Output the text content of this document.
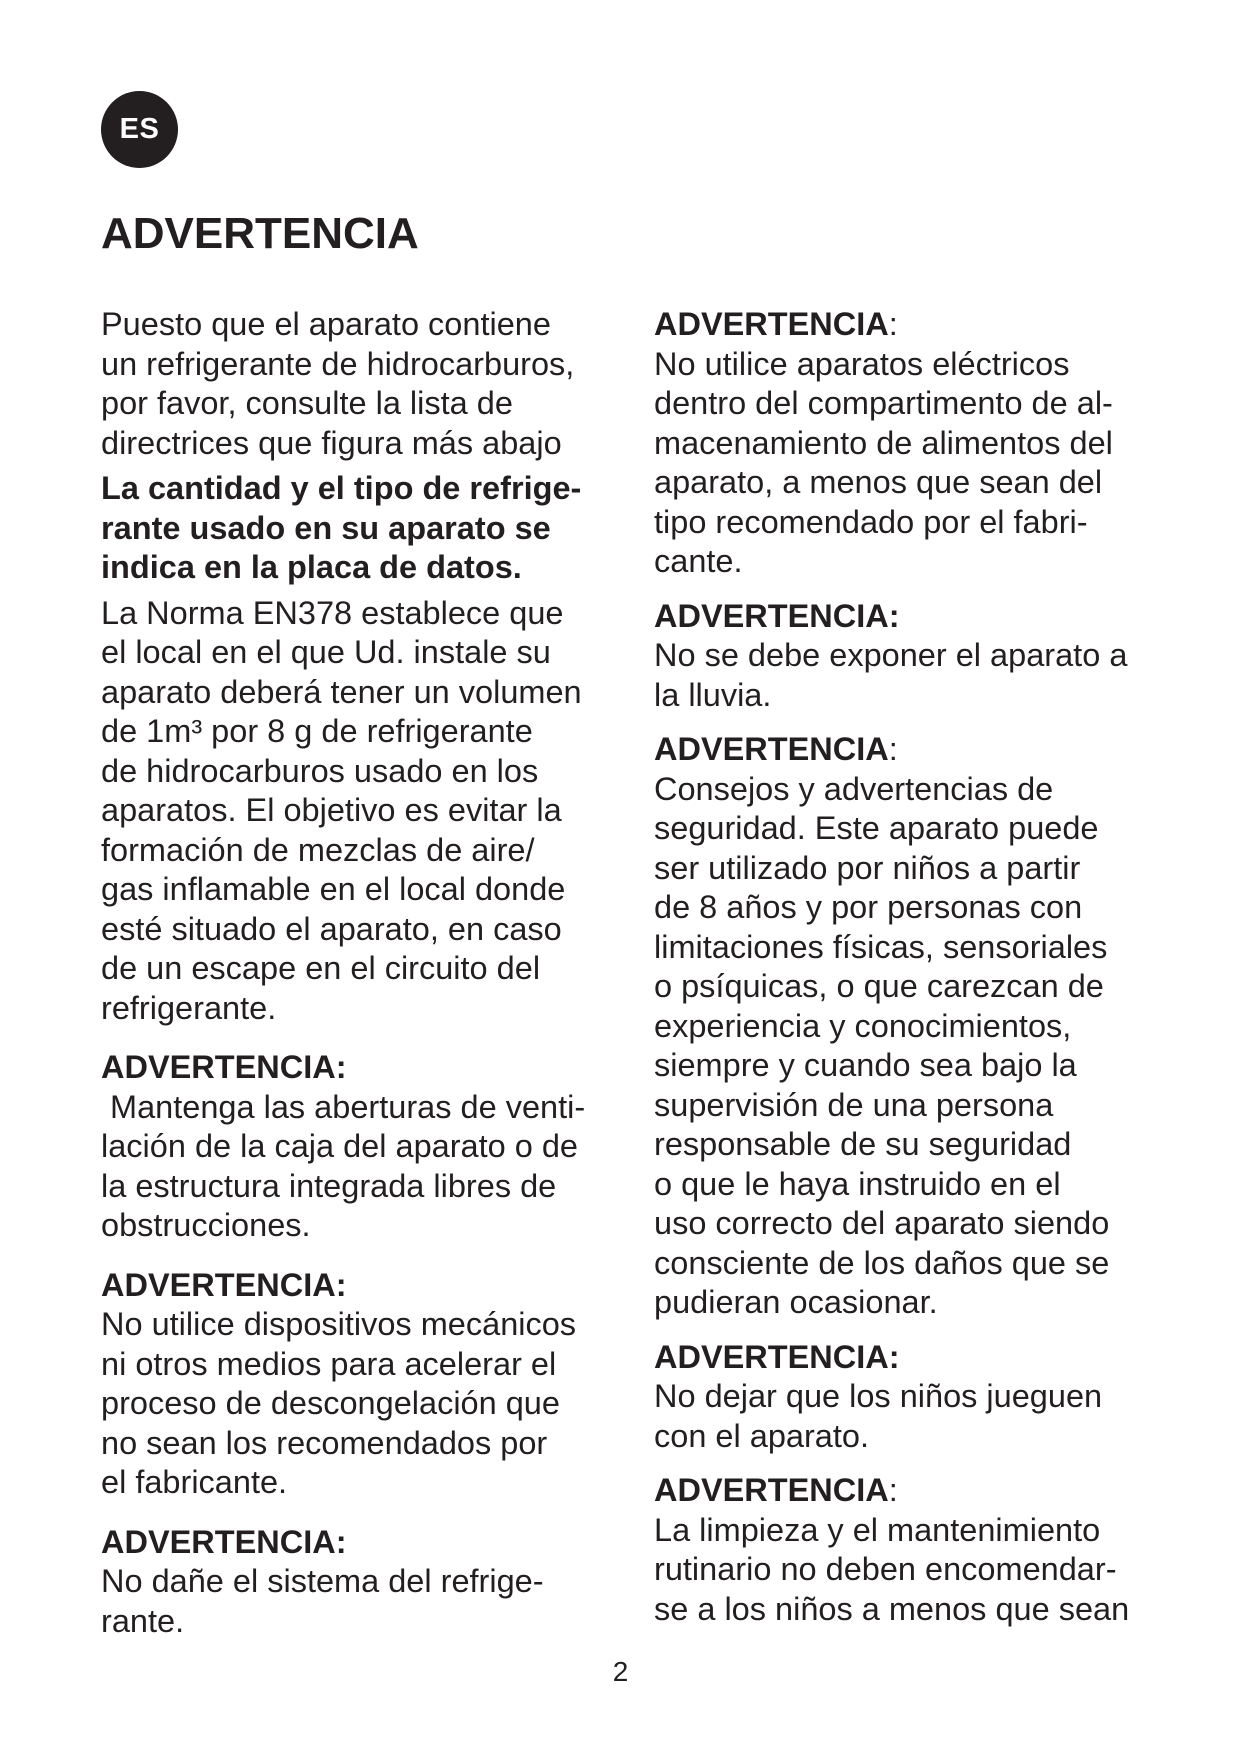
ES
ADVERTENCIA
Puesto que el aparato contiene
un refrigerante de hidrocarburos,
por favor, consulte la lista de
directrices que figura más abajo
La cantidad y el tipo de refrige-
rante usado en su aparato se
indica en la placa de datos.
La Norma EN378 establece que
el local en el que Ud. instale su
aparato deberá tener un volumen
de 1m³ por 8 g de refrigerante
de hidrocarburos usado en los
aparatos. El objetivo es evitar la
formación de mezclas de aire/
gas inflamable en el local donde
esté situado el aparato, en caso
de un escape en el circuito del
refrigerante.
ADVERTENCIA:
Mantenga las aberturas de venti-
lación de la caja del aparato o de
la estructura integrada libres de
obstrucciones.
ADVERTENCIA:
No utilice dispositivos mecánicos
ni otros medios para acelerar el
proceso de descongelación que
no sean los recomendados por
el fabricante.
ADVERTENCIA:
No dañe el sistema del refrige-
rante.
ADVERTENCIA:
No utilice aparatos eléctricos
dentro del compartimento de al-
macenamiento de alimentos del
aparato, a menos que sean del
tipo recomendado por el fabri-
cante.
ADVERTENCIA:
No se debe exponer el aparato a
la lluvia.
ADVERTENCIA:
Consejos y advertencias de
seguridad. Este aparato puede
ser utilizado por niños a partir
de 8 años y por personas con
limitaciones físicas, sensoriales
o psíquicas, o que carezcan de
experiencia y conocimientos,
siempre y cuando sea bajo la
supervisión de una persona
responsable de su seguridad
o que le haya instruido en el
uso correcto del aparato siendo
consciente de los daños que se
pudieran ocasionar.
ADVERTENCIA:
No dejar que los niños jueguen
con el aparato.
ADVERTENCIA:
La limpieza y el mantenimiento
rutinario no deben encomendar-
se a los niños a menos que sean
2
